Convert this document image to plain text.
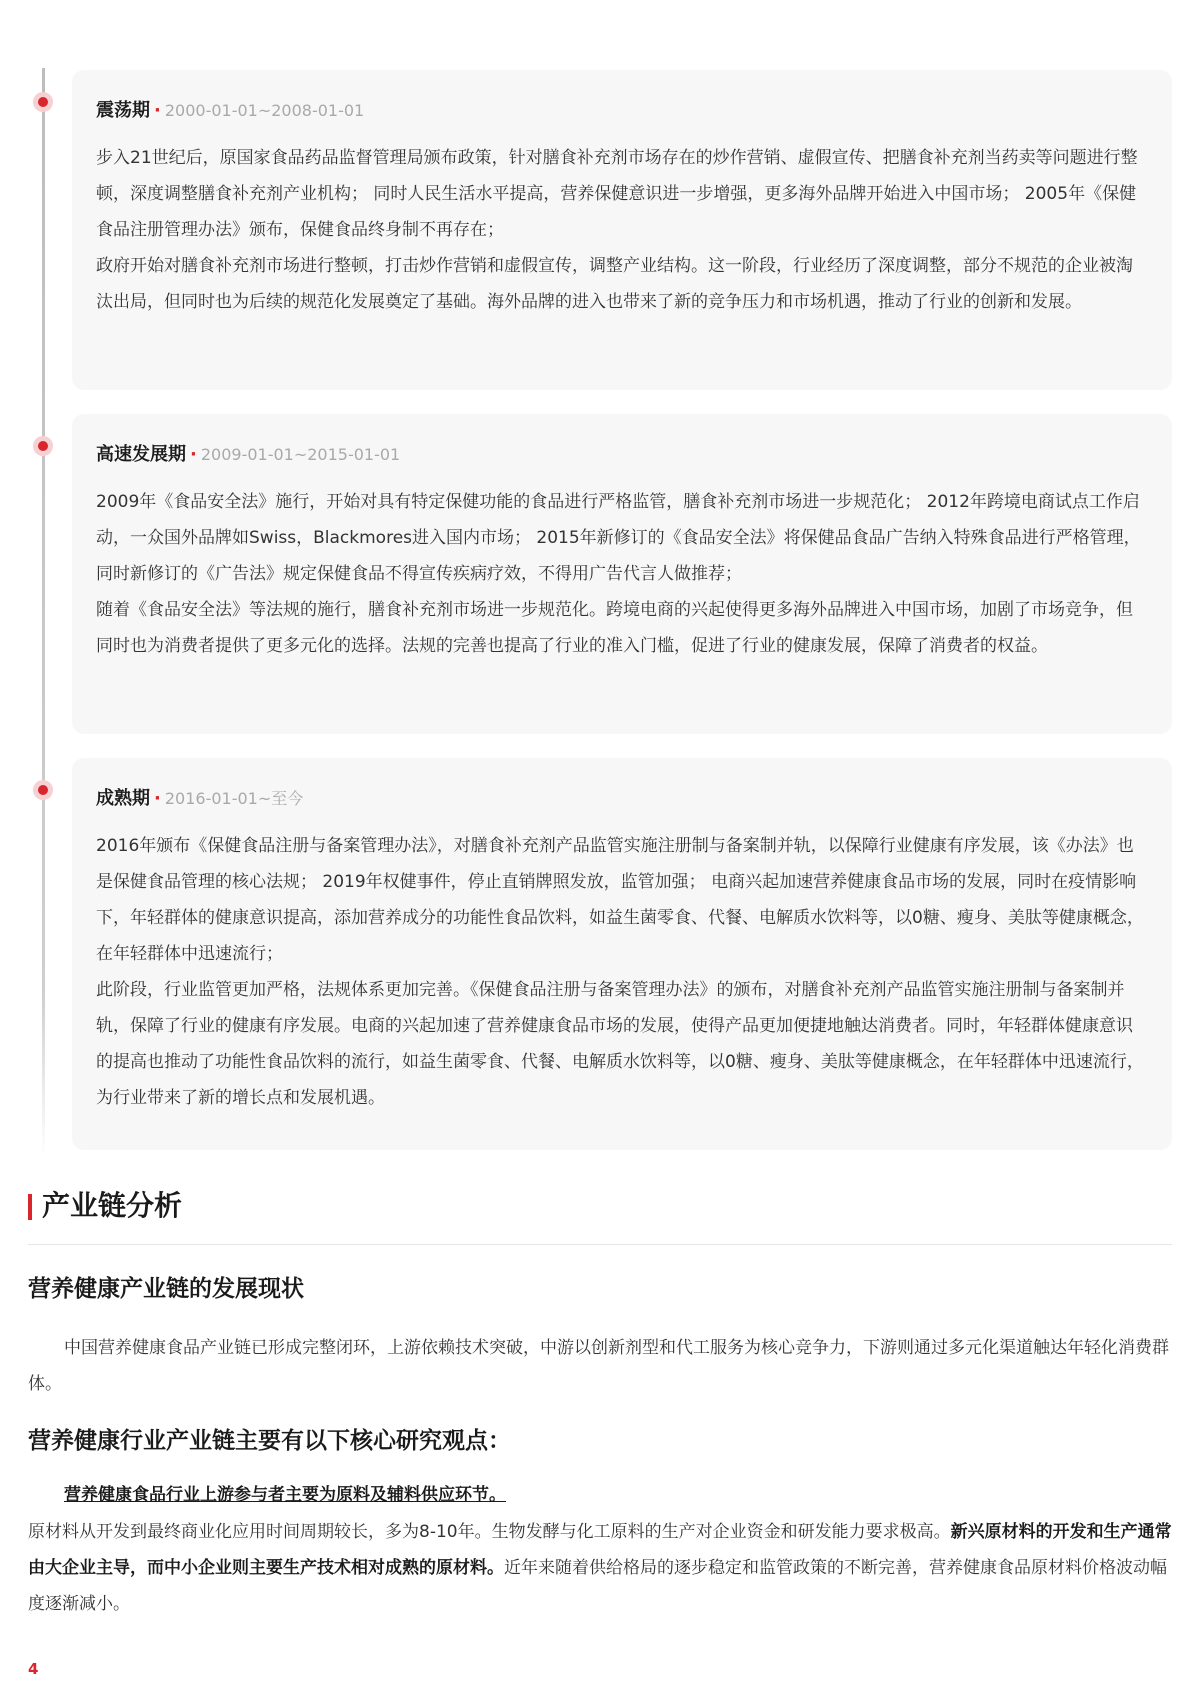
震荡期 · 2000-01-01~2008-01-01

步入21世纪后，原国家食品药品监督管理局颁布政策，针对膳食补充剂市场存在的炒作营销、虚假宣传、把膳食补充剂当药卖等问题进行整顿，深度调整膳食补充剂产业机构； 同时人民生活水平提高，营养保健意识进一步增强，更多海外品牌开始进入中国市场； 2005年《保健食品注册管理办法》颁布，保健食品终身制不再存在；

政府开始对膳食补充剂市场进行整顿，打击炒作营销和虚假宣传，调整产业结构。这一阶段，行业经历了深度调整，部分不规范的企业被淘汰出局，但同时也为后续的规范化发展奠定了基础。海外品牌的进入也带来了新的竞争压力和市场机遇，推动了行业的创新和发展。

高速发展期 · 2009-01-01~2015-01-01

2009年《食品安全法》施行，开始对具有特定保健功能的食品进行严格监管，膳食补充剂市场进一步规范化； 2012年跨境电商试点工作启动，一众国外品牌如Swiss，Blackmores进入国内市场； 2015年新修订的《食品安全法》将保健品食品广告纳入特殊食品进行严格管理，同时新修订的《广告法》规定保健食品不得宣传疾病疗效，不得用广告代言人做推荐；

随着《食品安全法》等法规的施行，膳食补充剂市场进一步规范化。跨境电商的兴起使得更多海外品牌进入中国市场，加剧了市场竞争，但同时也为消费者提供了更多元化的选择。法规的完善也提高了行业的准入门槛，促进了行业的健康发展，保障了消费者的权益。

成熟期 · 2016-01-01~至今

2016年颁布《保健食品注册与备案管理办法》，对膳食补充剂产品监管实施注册制与备案制并轨，以保障行业健康有序发展，该《办法》也是保健食品管理的核心法规； 2019年权健事件，停止直销牌照发放，监管加强； 电商兴起加速营养健康食品市场的发展，同时在疫情影响下，年轻群体的健康意识提高，添加营养成分的功能性食品饮料，如益生菌零食、代餐、电解质水饮料等，以0糖、瘦身、美肽等健康概念，在年轻群体中迅速流行；

此阶段，行业监管更加严格，法规体系更加完善。《保健食品注册与备案管理办法》的颁布，对膳食补充剂产品监管实施注册制与备案制并轨，保障了行业的健康有序发展。电商的兴起加速了营养健康食品市场的发展，使得产品更加便捷地触达消费者。同时，年轻群体健康意识的提高也推动了功能性食品饮料的流行，如益生菌零食、代餐、电解质水饮料等，以0糖、瘦身、美肽等健康概念，在年轻群体中迅速流行，为行业带来了新的增长点和发展机遇。

产业链分析
营养健康产业链的发展现状

中国营养健康食品产业链已形成完整闭环，上游依赖技术突破，中游以创新剂型和代工服务为核心竞争力，下游则通过多元化渠道触达年轻化消费群体。

营养健康行业产业链主要有以下核心研究观点：
营养健康食品行业上游参与者主要为原料及辅料供应环节。

原材料从开发到最终商业化应用时间周期较长，多为8-10年。生物发酵与化工原料的生产对企业资金和研发能力要求极高。新兴原材料的开发和生产通常由大企业主导，而中小企业则主要生产技术相对成熟的原材料。近年来随着供给格局的逐步稳定和监管政策的不断完善，营养健康食品原材料价格波动幅度逐渐减小。

4
